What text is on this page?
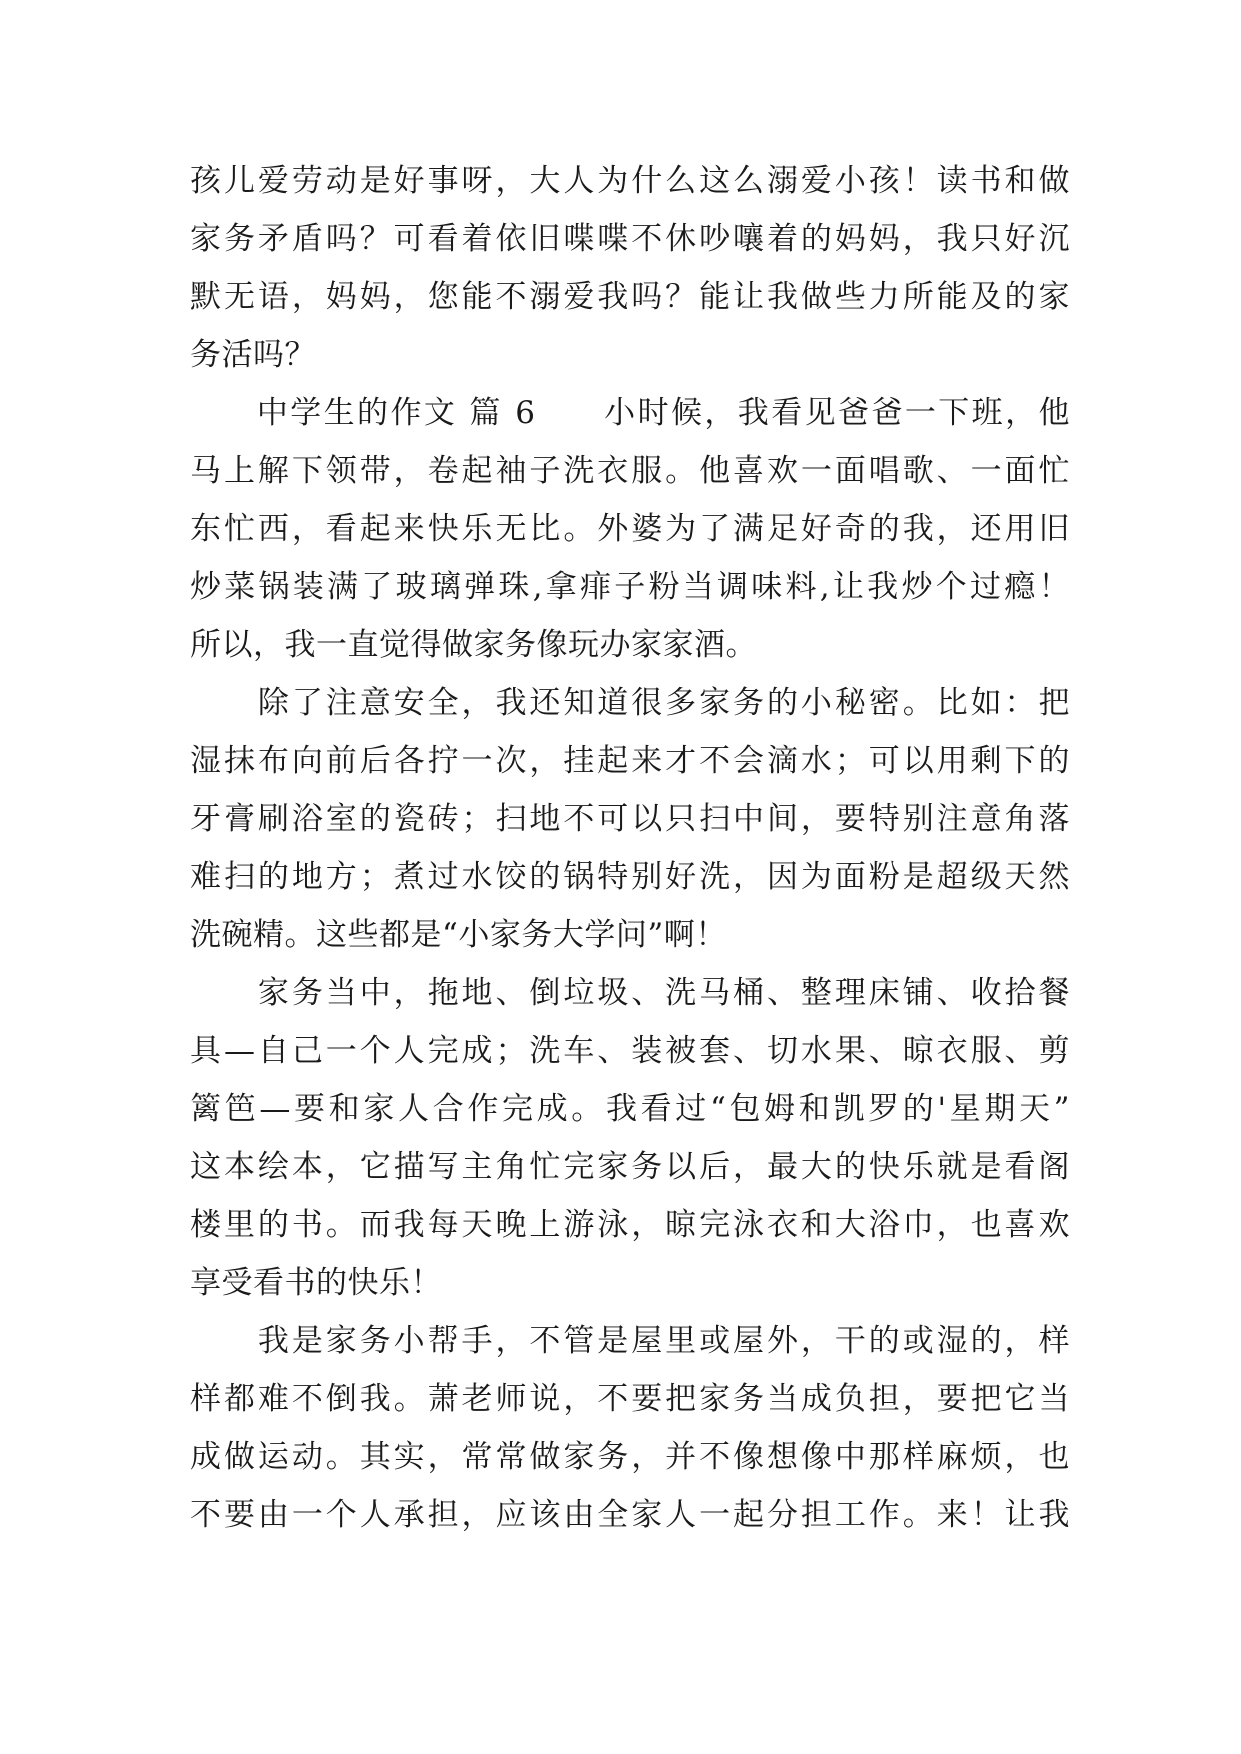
孩儿爱劳动是好事呀，大人为什么这么溺爱小孩！读书和做
家务矛盾吗？可看着依旧喋喋不休吵嚷着的妈妈，我只好沉
默无语，妈妈，您能不溺爱我吗？能让我做些力所能及的家
务活吗？
　　中学生的作文 篇 6　　小时候，我看见爸爸一下班，他
马上解下领带，卷起袖子洗衣服。他喜欢一面唱歌、一面忙
东忙西，看起来快乐无比。外婆为了满足好奇的我，还用旧
炒菜锅装满了玻璃弹珠,拿痱子粉当调味料,让我炒个过瘾！
所以，我一直觉得做家务像玩办家家酒。
　　除了注意安全，我还知道很多家务的小秘密。比如：把
湿抹布向前后各拧一次，挂起来才不会滴水；可以用剩下的
牙膏刷浴室的瓷砖；扫地不可以只扫中间，要特别注意角落
难扫的地方；煮过水饺的锅特别好洗，因为面粉是超级天然
洗碗精。这些都是“小家务大学问”啊！
　　家务当中，拖地、倒垃圾、洗马桶、整理床铺、收拾餐
具—自己一个人完成；洗车、装被套、切水果、晾衣服、剪
篱笆—要和家人合作完成。我看过“包姆和凯罗的'星期天”
这本绘本，它描写主角忙完家务以后，最大的快乐就是看阁
楼里的书。而我每天晚上游泳，晾完泳衣和大浴巾，也喜欢
享受看书的快乐！
　　我是家务小帮手，不管是屋里或屋外，干的或湿的，样
样都难不倒我。萧老师说，不要把家务当成负担，要把它当
成做运动。其实，常常做家务，并不像想像中那样麻烦，也
不要由一个人承担，应该由全家人一起分担工作。来！让我
